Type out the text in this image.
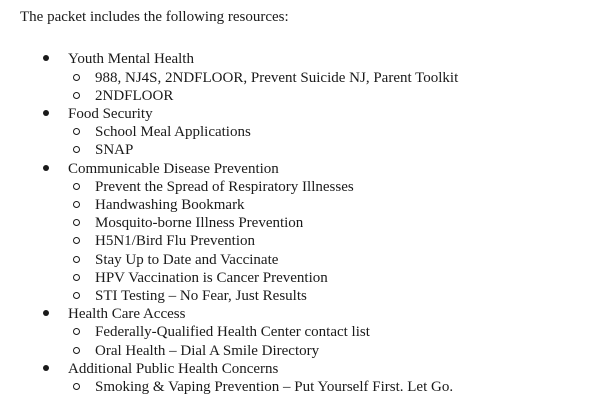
The packet includes the following resources:

Youth Mental Health
988, NJ4S, 2NDFLOOR, Prevent Suicide NJ, Parent Toolkit
2NDFLOOR
Food Security
School Meal Applications
SNAP
Communicable Disease Prevention
Prevent the Spread of Respiratory Illnesses
Handwashing Bookmark
Mosquito-borne Illness Prevention
H5N1/Bird Flu Prevention
Stay Up to Date and Vaccinate
HPV Vaccination is Cancer Prevention
STI Testing – No Fear, Just Results
Health Care Access
Federally-Qualified Health Center contact list
Oral Health – Dial A Smile Directory
Additional Public Health Concerns
Smoking & Vaping Prevention – Put Yourself First. Let Go.
